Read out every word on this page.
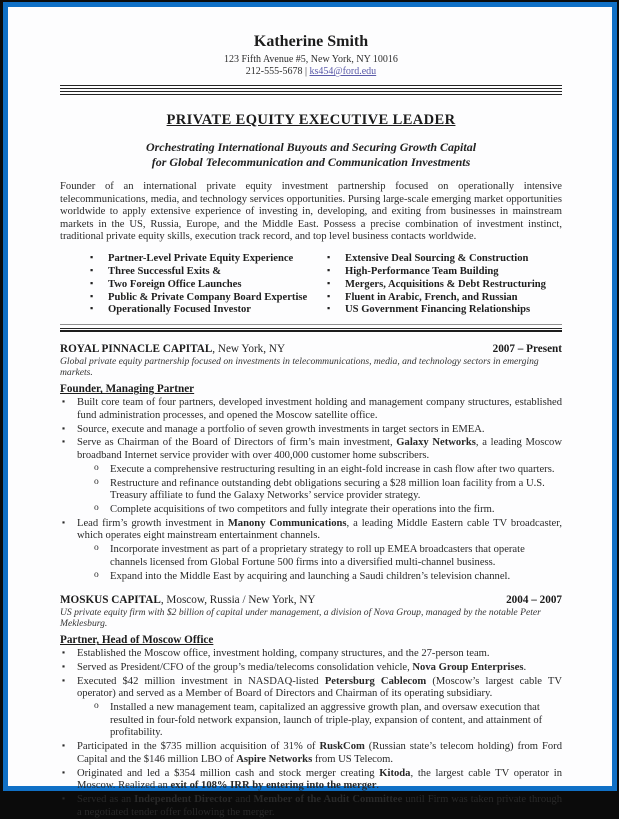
Katherine Smith
123 Fifth Avenue #5, New York, NY 10016
212-555-5678 | ks454@ford.edu
PRIVATE EQUITY EXECUTIVE LEADER
Orchestrating International Buyouts and Securing Growth Capital
for Global Telecommunication and Communication Investments

Founder of an international private equity investment partnership focused on operationally intensive telecommunications, media, and technology services opportunities. Pursing large-scale emerging market opportunities worldwide to apply extensive experience of investing in, developing, and exiting from businesses in mainstream markets in the US, Russia, Europe, and the Middle East. Possess a precise combination of investment instinct, traditional private equity skills, execution track record, and top level business contacts worldwide.

▪ Partner-Level Private Equity Experience
▪ Three Successful Exits &
▪ Two Foreign Office Launches
▪ Public & Private Company Board Expertise
▪ Operationally Focused Investor
▪ Extensive Deal Sourcing & Construction
▪ High-Performance Team Building
▪ Mergers, Acquisitions & Debt Restructuring
▪ Fluent in Arabic, French, and Russian
▪ US Government Financing Relationships
ROYAL PINNACLE CAPITAL, New York, NY	2007 – Present
Global private equity partnership focused on investments in telecommunications, media, and technology sectors in emerging markets.
Founder, Managing Partner
▪ Built core team of four partners, developed investment holding and management company structures, established fund administration processes, and opened the Moscow satellite office.
▪ Source, execute and manage a portfolio of seven growth investments in target sectors in EMEA.
▪ Serve as Chairman of the Board of Directors of firm’s main investment, Galaxy Networks, a leading Moscow broadband Internet service provider with over 400,000 customer home subscribers.
o Execute a comprehensive restructuring resulting in an eight-fold increase in cash flow after two quarters.
o Restructure and refinance outstanding debt obligations securing a $28 million loan facility from a U.S. Treasury affiliate to fund the Galaxy Networks’ service provider strategy.
o Complete acquisitions of two competitors and fully integrate their operations into the firm.
▪ Lead firm’s growth investment in Manony Communications, a leading Middle Eastern cable TV broadcaster, which operates eight mainstream entertainment channels.
o Incorporate investment as part of a proprietary strategy to roll up EMEA broadcasters that operate channels licensed from Global Fortune 500 firms into a diversified multi-channel business.
o Expand into the Middle East by acquiring and launching a Saudi children’s television channel.
MOSKUS CAPITAL, Moscow, Russia / New York, NY	2004 – 2007
US private equity firm with $2 billion of capital under management, a division of Nova Group, managed by the notable Peter Meklesburg.
Partner, Head of Moscow Office
▪ Established the Moscow office, investment holding, company structures, and the 27-person team.
▪ Served as President/CFO of the group’s media/telecoms consolidation vehicle, Nova Group Enterprises.
▪ Executed $42 million investment in NASDAQ-listed Petersburg Cablecom (Moscow’s largest cable TV operator) and served as a Member of Board of Directors and Chairman of its operating subsidiary.
o Installed a new management team, capitalized an aggressive growth plan, and oversaw execution that resulted in four-fold network expansion, launch of triple-play, expansion of content, and attainment of profitability.
▪ Participated in the $735 million acquisition of 31% of RuskCom (Russian state’s telecom holding) from Ford Capital and the $146 million LBO of Aspire Networks from US Telecom.
▪ Originated and led a $354 million cash and stock merger creating Kitoda, the largest cable TV operator in Moscow. Realized an exit of 108% IRR by entering into the merger.
▪ Served as an Independent Director and Member of the Audit Committee until Firm was taken private through a negotiated tender offer following the merger.
